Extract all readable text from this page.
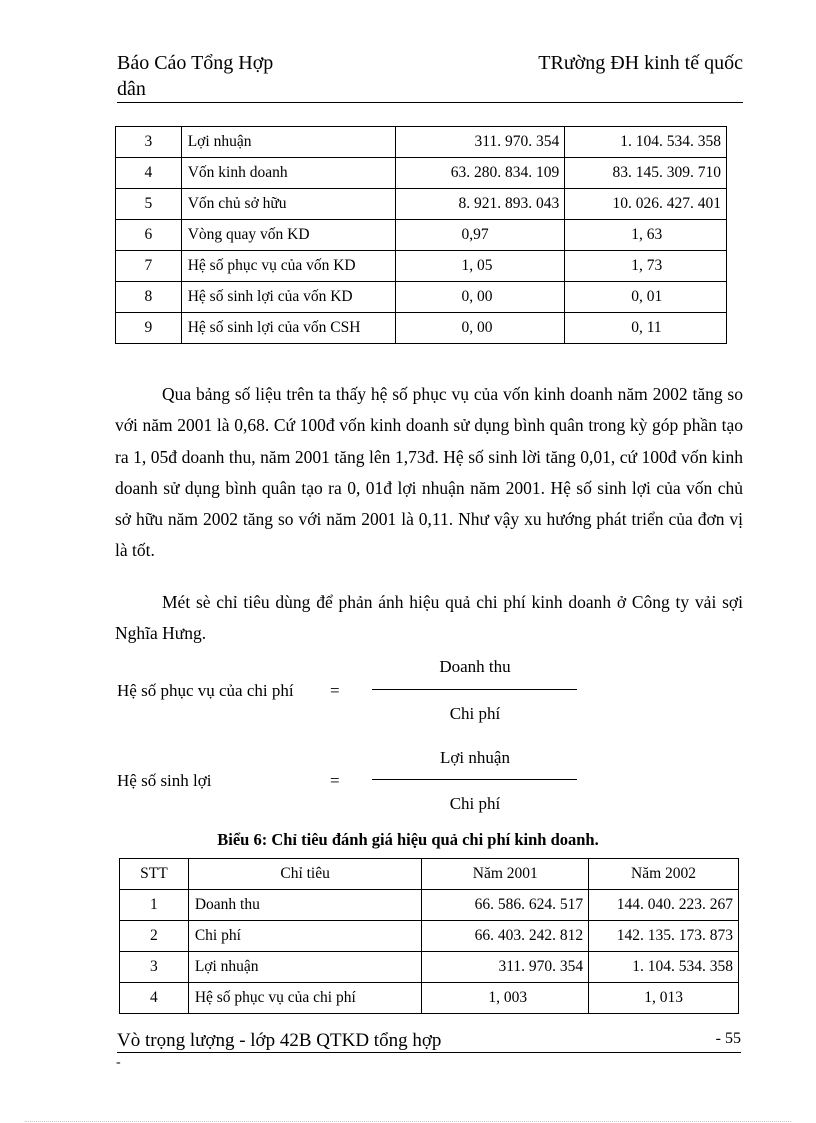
Báo Cáo Tổng Hợp	TRường ĐH kinh tế quốc
dân
3	Lợi nhuận	311. 970. 354	1. 104. 534. 358
4	Vốn kinh doanh	63. 280. 834. 109	83. 145. 309. 710
5	Vốn chủ sở hữu	8. 921. 893. 043	10. 026. 427. 401
6	Vòng quay vốn KD	0,97	1, 63
7	Hệ số phục vụ của vốn KD	1, 05	1, 73
8	Hệ số sinh lợi của vốn KD	0, 00	0, 01
9	Hệ số sinh lợi của vốn CSH	0, 00	0, 11

Qua bảng số liệu trên ta thấy hệ số phục vụ của vốn kinh doanh năm 2002 tăng so với năm 2001 là 0,68. Cứ 100đ vốn kinh doanh sử dụng bình quân trong kỳ góp phần tạo ra 1, 05đ doanh thu, năm 2001 tăng lên 1,73đ. Hệ số sinh lời tăng 0,01, cứ 100đ vốn kinh doanh sử dụng bình quân tạo ra 0, 01đ lợi nhuận năm 2001. Hệ số sinh lợi của vốn chủ sở hữu năm 2002 tăng so với năm 2001 là 0,11. Như vậy xu hướng phát triển của đơn vị là tốt.

Mét sè chỉ tiêu dùng để phản ánh hiệu quả chi phí kinh doanh ở Công ty vải sợi Nghĩa Hưng.

Hệ số phục vụ của chi phí =
Doanh thu
Chi phí
Hệ số sinh lợi	=
Lợi nhuận
Chi phí
Biểu 6: Chỉ tiêu đánh giá hiệu quả chi phí kinh doanh.
STT	Chỉ tiêu	Năm 2001	Năm 2002
1	Doanh thu	66. 586. 624. 517	144. 040. 223. 267
2	Chi phí	66. 403. 242. 812	142. 135. 173. 873
3	Lợi nhuận	311. 970. 354	1. 104. 534. 358
4	Hệ số phục vụ của chi phí	1, 003	1, 013
Vò trọng lượng - lớp 42B QTKD tổng hợp	- 55
-
